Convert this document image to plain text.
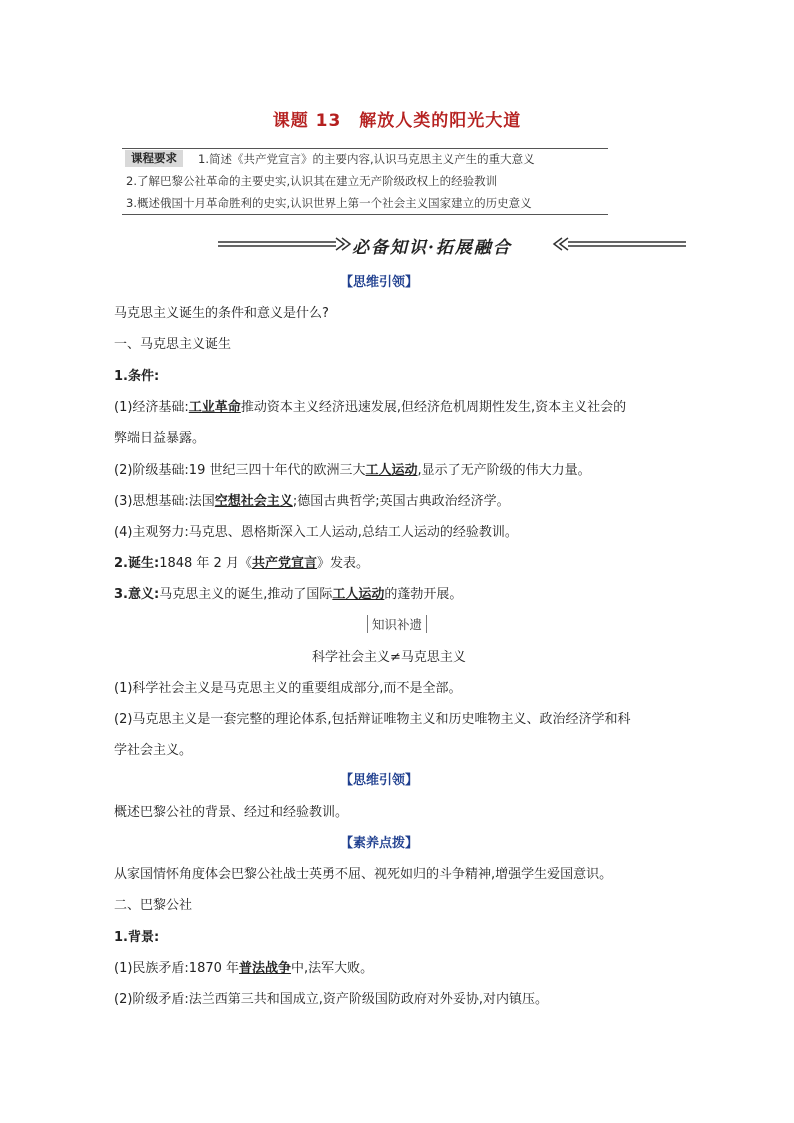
课题 13　解放人类的阳光大道
课程要求	1.简述《共产党宣言》的主要内容,认识马克思主义产生的重大意义
2.了解巴黎公社革命的主要史实,认识其在建立无产阶级政权上的经验教训
3.概述俄国十月革命胜利的史实,认识世界上第一个社会主义国家建立的历史意义
必备知识·拓展融合
【思维引领】
马克思主义诞生的条件和意义是什么?
一、马克思主义诞生
1.条件:
(1)经济基础:工业革命推动资本主义经济迅速发展,但经济危机周期性发生,资本主义社会的
弊端日益暴露。
(2)阶级基础:19 世纪三四十年代的欧洲三大工人运动,显示了无产阶级的伟大力量。
(3)思想基础:法国空想社会主义;德国古典哲学;英国古典政治经济学。
(4)主观努力:马克思、恩格斯深入工人运动,总结工人运动的经验教训。
2.诞生:1848 年 2 月《共产党宣言》发表。
3.意义:马克思主义的诞生,推动了国际工人运动的蓬勃开展。
知识补遗
科学社会主义≠马克思主义
(1)科学社会主义是马克思主义的重要组成部分,而不是全部。
(2)马克思主义是一套完整的理论体系,包括辩证唯物主义和历史唯物主义、政治经济学和科
学社会主义。
【思维引领】
概述巴黎公社的背景、经过和经验教训。
【素养点拨】
从家国情怀角度体会巴黎公社战士英勇不屈、视死如归的斗争精神,增强学生爱国意识。
二、巴黎公社
1.背景:
(1)民族矛盾:1870 年普法战争中,法军大败。
(2)阶级矛盾:法兰西第三共和国成立,资产阶级国防政府对外妥协,对内镇压。
